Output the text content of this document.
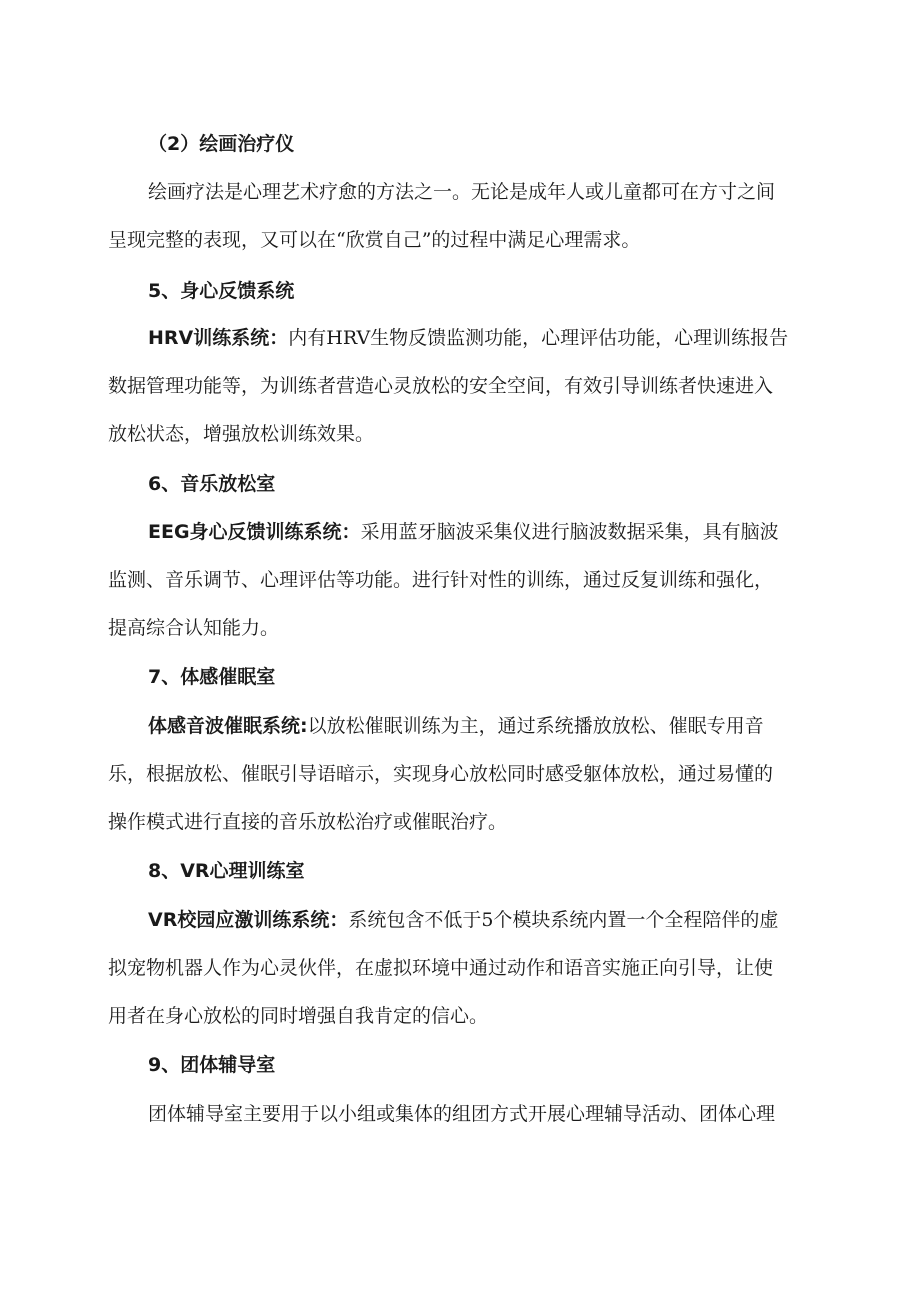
（2）绘画治疗仪
绘画疗法是心理艺术疗愈的方法之一。无论是成年人或儿童都可在方寸之间
呈现完整的表现，又可以在“欣赏自己”的过程中满足心理需求。
5、身心反馈系统
HRV训练系统：内有HRV生物反馈监测功能，心理评估功能，心理训练报告
数据管理功能等，为训练者营造心灵放松的安全空间，有效引导训练者快速进入
放松状态，增强放松训练效果。
6、音乐放松室
EEG身心反馈训练系统：采用蓝牙脑波采集仪进行脑波数据采集，具有脑波
监测、音乐调节、心理评估等功能。进行针对性的训练，通过反复训练和强化，
提高综合认知能力。
7、体感催眠室
体感音波催眠系统:以放松催眠训练为主，通过系统播放放松、催眠专用音
乐，根据放松、催眠引导语暗示，实现身心放松同时感受躯体放松，通过易懂的
操作模式进行直接的音乐放松治疗或催眠治疗。
8、VR心理训练室
VR校园应激训练系统：系统包含不低于5个模块系统内置一个全程陪伴的虚
拟宠物机器人作为心灵伙伴，在虚拟环境中通过动作和语音实施正向引导，让使
用者在身心放松的同时增强自我肯定的信心。
9、团体辅导室
团体辅导室主要用于以小组或集体的组团方式开展心理辅导活动、团体心理
